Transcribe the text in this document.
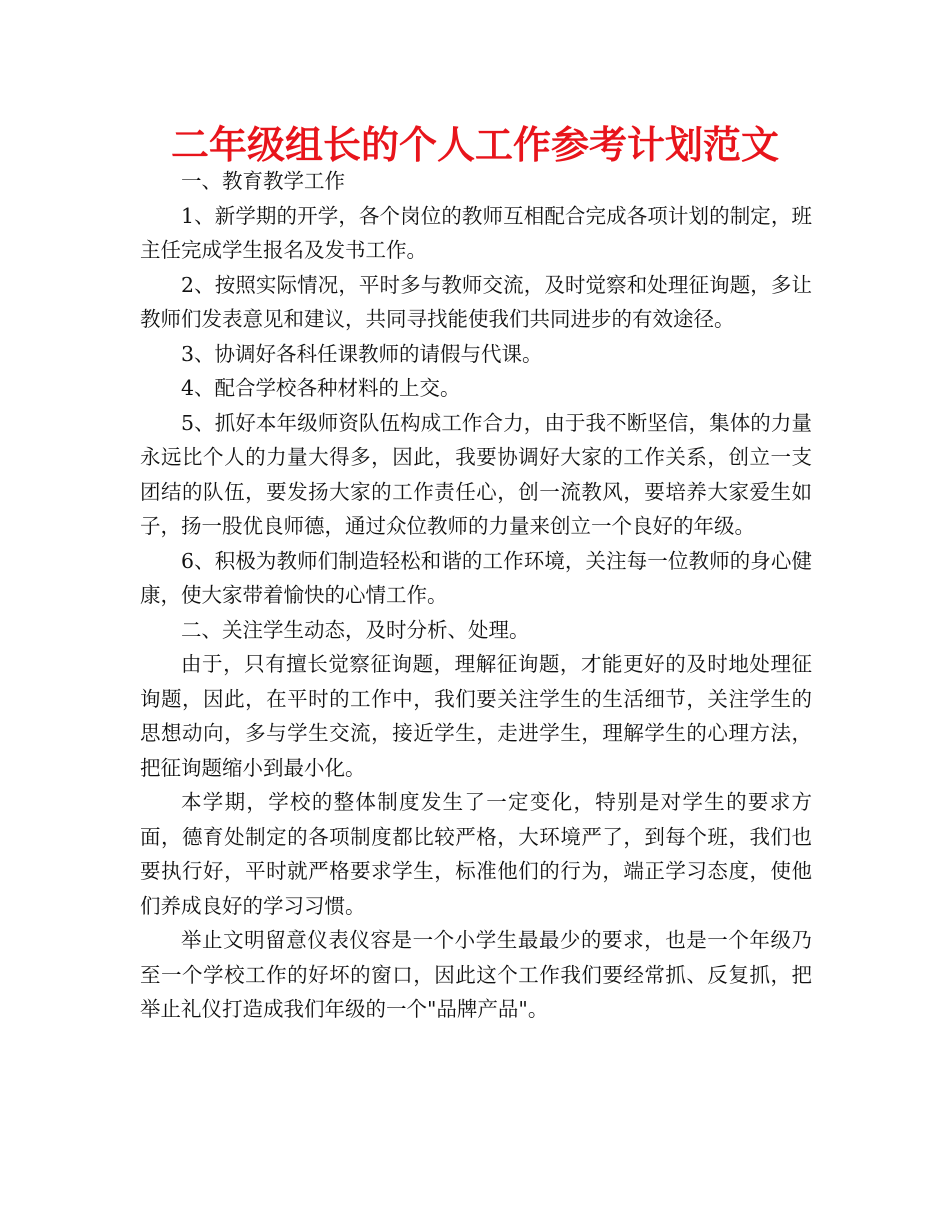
二年级组长的个人工作参考计划范文

一、教育教学工作

1、新学期的开学，各个岗位的教师互相配合完成各项计划的制定，班主任完成学生报名及发书工作。

2、按照实际情况，平时多与教师交流，及时觉察和处理征询题，多让教师们发表意见和建议，共同寻找能使我们共同进步的有效途径。

3、协调好各科任课教师的请假与代课。

4、配合学校各种材料的上交。

5、抓好本年级师资队伍构成工作合力，由于我不断坚信，集体的力量永远比个人的力量大得多，因此，我要协调好大家的工作关系，创立一支团结的队伍，要发扬大家的工作责任心，创一流教风，要培养大家爱生如子，扬一股优良师德，通过众位教师的力量来创立一个良好的年级。

6、积极为教师们制造轻松和谐的工作环境，关注每一位教师的身心健康，使大家带着愉快的心情工作。

二、关注学生动态，及时分析、处理。

由于，只有擅长觉察征询题，理解征询题，才能更好的及时地处理征询题，因此，在平时的工作中，我们要关注学生的生活细节，关注学生的思想动向，多与学生交流，接近学生，走进学生，理解学生的心理方法，把征询题缩小到最小化。

本学期，学校的整体制度发生了一定变化，特别是对学生的要求方面，德育处制定的各项制度都比较严格，大环境严了，到每个班，我们也要执行好，平时就严格要求学生，标准他们的行为，端正学习态度，使他们养成良好的学习习惯。

举止文明留意仪表仪容是一个小学生最最少的要求，也是一个年级乃至一个学校工作的好坏的窗口，因此这个工作我们要经常抓、反复抓，把举止礼仪打造成我们年级的一个"品牌产品"。
